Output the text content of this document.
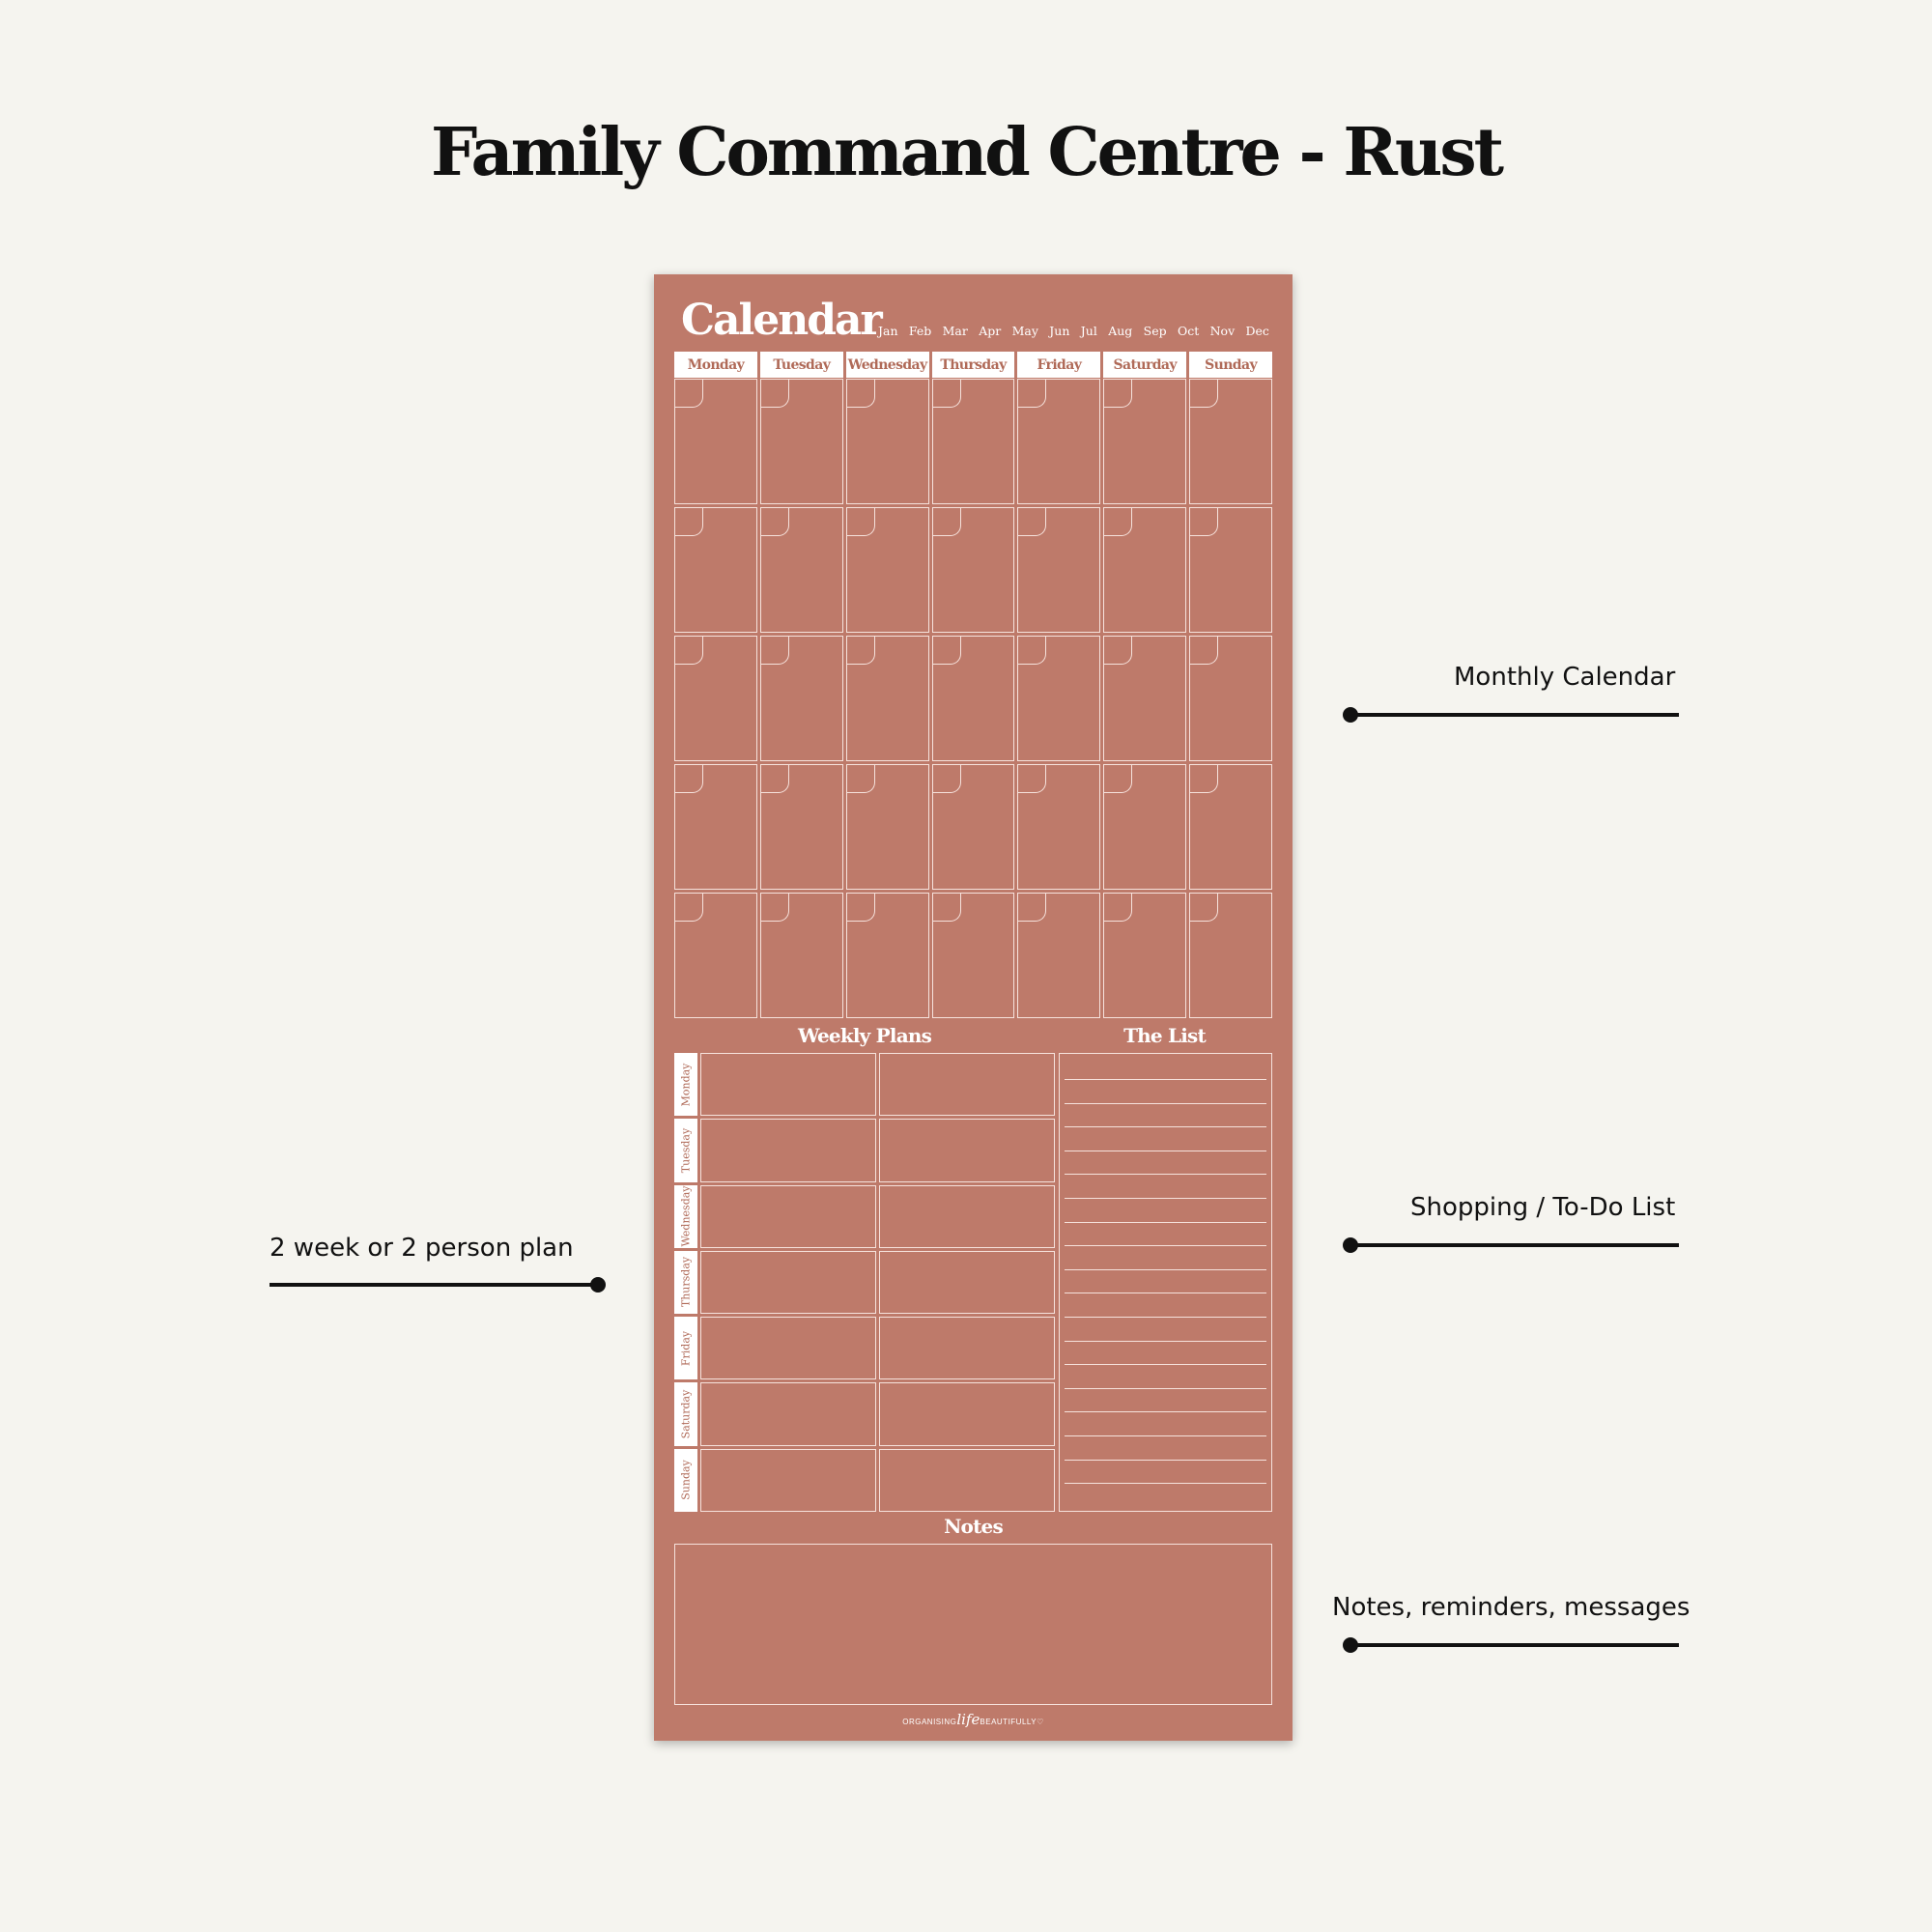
Family Command Centre - Rust
Calendar
Jan Feb Mar Apr May Jun Jul Aug Sep Oct Nov Dec
Monday	Tuesday	Wednesday Thursday	Friday	Saturday	Sunday
Weekly Plans	The List
Monday
Tuesday
Wednesday
Thursday
Friday
Saturday
Sunday
Notes
ORGANISINGlifeBEAUTIFULLY♡
Monthly Calendar
Shopping / To-Do List
Notes, reminders, messages
2 week or 2 person plan
